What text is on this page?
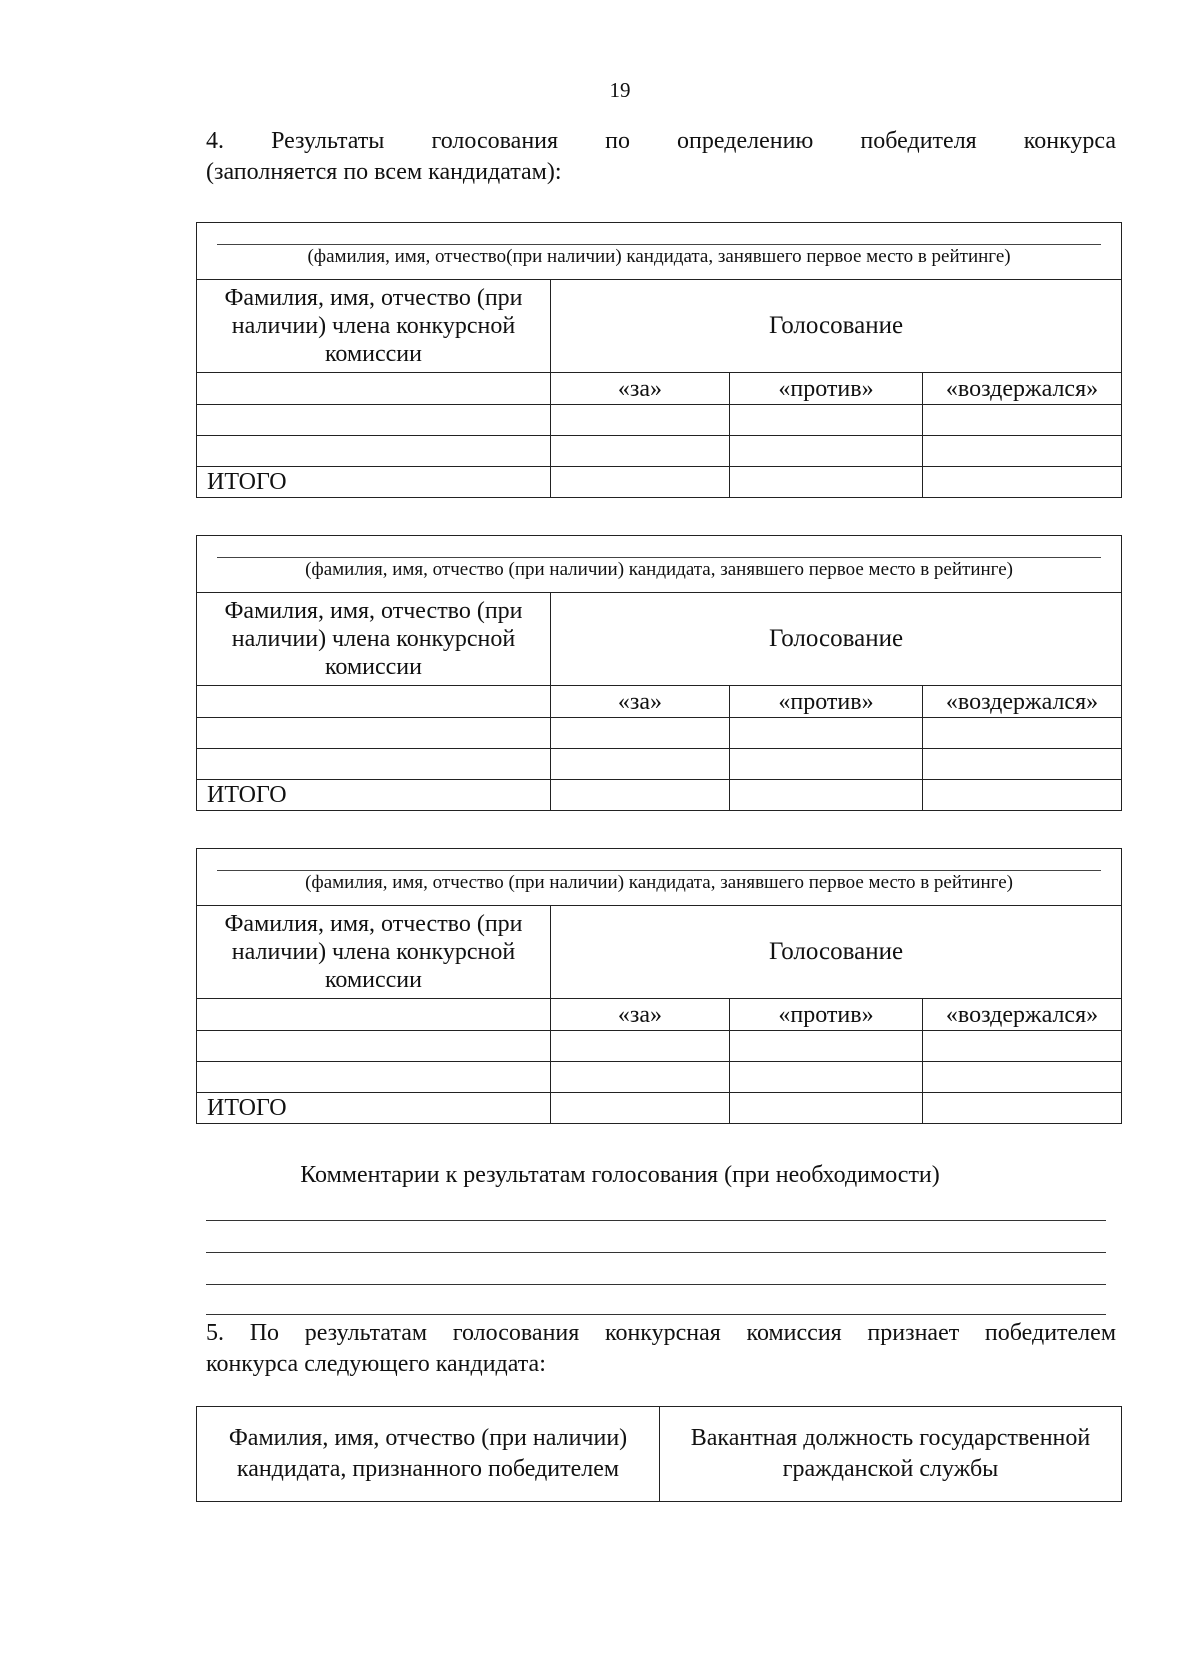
19
4. Результаты голосования по определению победителя конкурса
(заполняется по всем кандидатам):
(фамилия, имя, отчество(при наличии) кандидата, занявшего первое место в рейтинге)			

Фамилия, имя, отчество (при наличии) члена конкурсной комиссии	Голосование		
	«за»	«против»	«воздержался»

ИТОГО			
(фамилия, имя, отчество (при наличии) кандидата, занявшего первое место в рейтинге)			

Фамилия, имя, отчество (при наличии) члена конкурсной комиссии	Голосование		
	«за»	«против»	«воздержался»

ИТОГО			
(фамилия, имя, отчество (при наличии) кандидата, занявшего первое место в рейтинге)			

Фамилия, имя, отчество (при наличии) члена конкурсной комиссии	Голосование		
	«за»	«против»	«воздержался»

ИТОГО			
Комментарии к результатам голосования (при необходимости)
5. По результатам голосования конкурсная комиссия признает победителем
конкурса следующего кандидата:
Фамилия, имя, отчество (при наличии) кандидата, признанного победителем	Вакантная должность государственной гражданской службы
